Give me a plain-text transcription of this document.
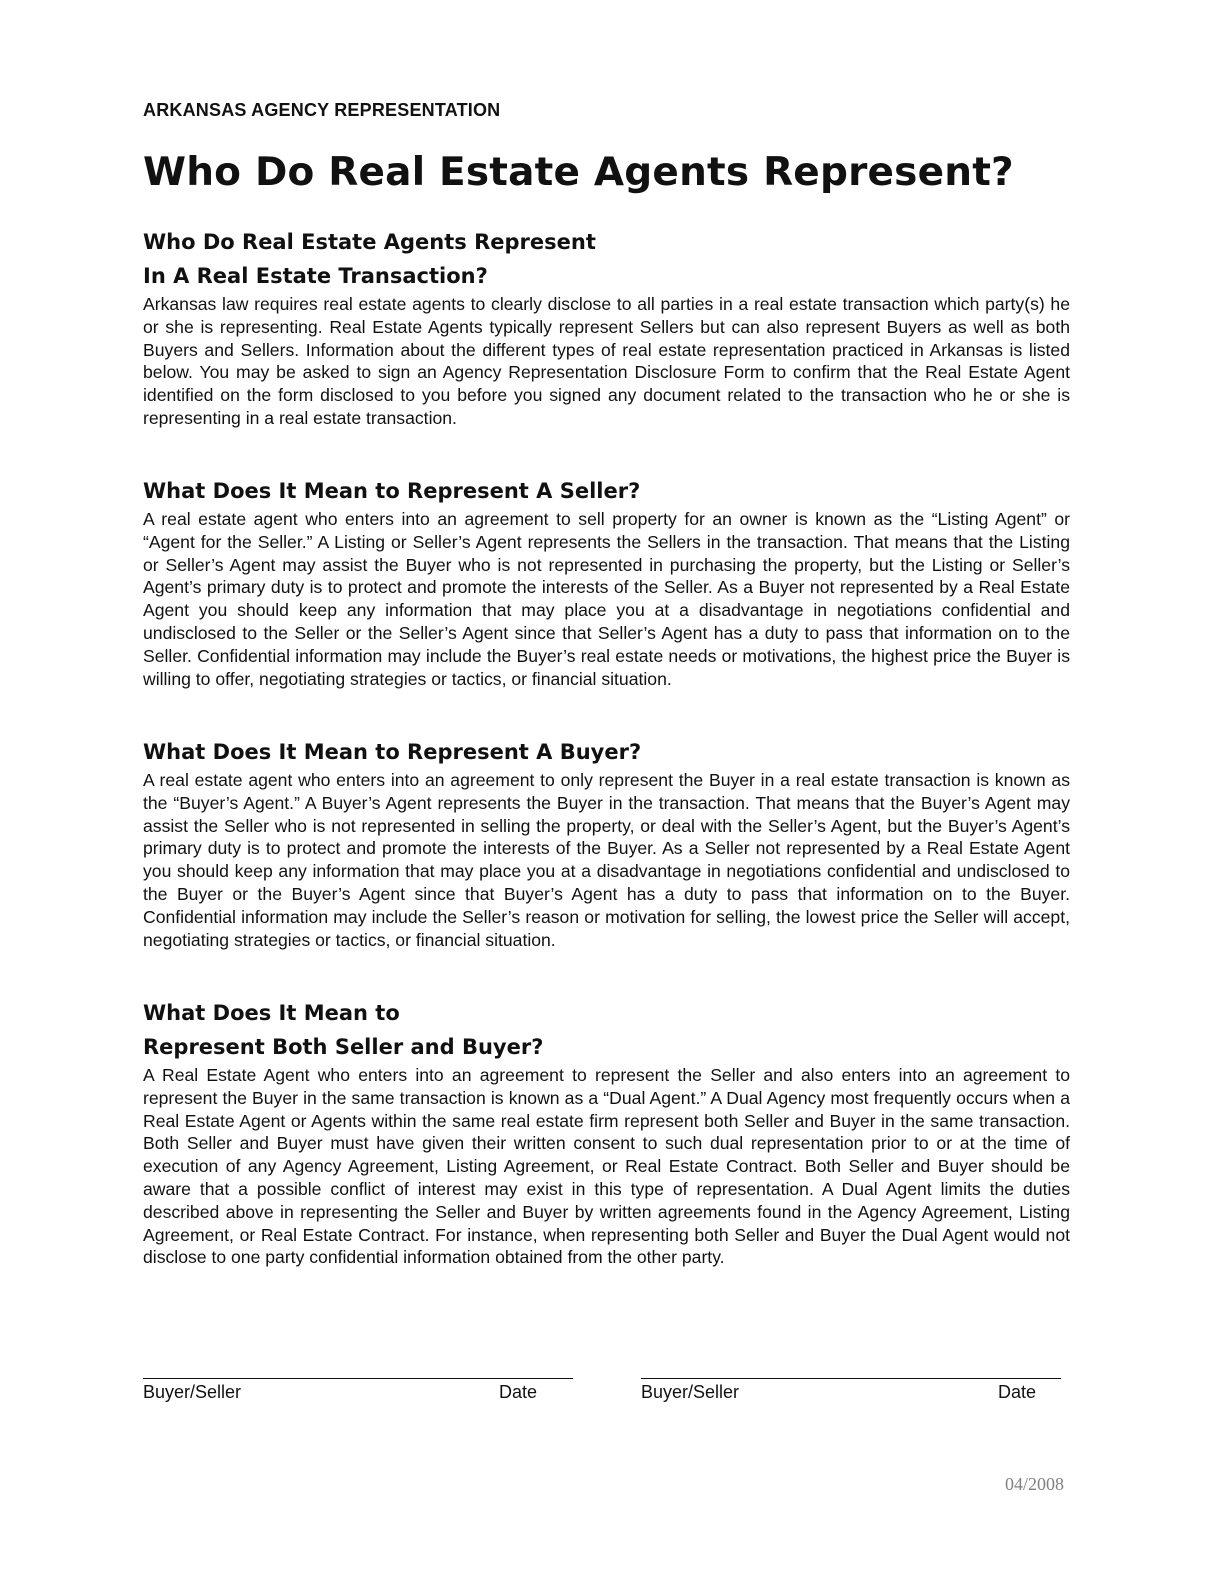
ARKANSAS AGENCY REPRESENTATION
Who Do Real Estate Agents Represent?
Who Do Real Estate Agents Represent
In A Real Estate Transaction?

Arkansas law requires real estate agents to clearly disclose to all parties in a real estate transaction which party(s) he or she is representing. Real Estate Agents typically represent Sellers but can also represent Buyers as well as both Buyers and Sellers. Information about the different types of real estate representation practiced in Arkansas is listed below. You may be asked to sign an Agency Representation Disclosure Form to confirm that the Real Estate Agent identified on the form disclosed to you before you signed any document related to the transaction who he or she is representing in a real estate transaction.

What Does It Mean to Represent A Seller?

A real estate agent who enters into an agreement to sell property for an owner is known as the “Listing Agent” or “Agent for the Seller.” A Listing or Seller’s Agent represents the Sellers in the transaction. That means that the Listing or Seller’s Agent may assist the Buyer who is not represented in purchasing the property, but the Listing or Seller’s Agent’s primary duty is to protect and promote the interests of the Seller. As a Buyer not represented by a Real Estate Agent you should keep any information that may place you at a disadvantage in negotiations confidential and undisclosed to the Seller or the Seller’s Agent since that Seller’s Agent has a duty to pass that information on to the Seller. Confidential information may include the Buyer’s real estate needs or motivations, the highest price the Buyer is willing to offer, negotiating strategies or tactics, or financial situation.

What Does It Mean to Represent A Buyer?

A real estate agent who enters into an agreement to only represent the Buyer in a real estate transaction is known as the “Buyer’s Agent.” A Buyer’s Agent represents the Buyer in the transaction. That means that the Buyer’s Agent may assist the Seller who is not represented in selling the property, or deal with the Seller’s Agent, but the Buyer’s Agent’s primary duty is to protect and promote the interests of the Buyer. As a Seller not represented by a Real Estate Agent you should keep any information that may place you at a disadvantage in negotiations confidential and undisclosed to the Buyer or the Buyer’s Agent since that Buyer’s Agent has a duty to pass that information on to the Buyer. Confidential information may include the Seller’s reason or motivation for selling, the lowest price the Seller will accept, negotiating strategies or tactics, or financial situation.

What Does It Mean to
Represent Both Seller and Buyer?

A Real Estate Agent who enters into an agreement to represent the Seller and also enters into an agreement to represent the Buyer in the same transaction is known as a “Dual Agent.” A Dual Agency most frequently occurs when a Real Estate Agent or Agents within the same real estate firm represent both Seller and Buyer in the same transaction. Both Seller and Buyer must have given their written consent to such dual representation prior to or at the time of execution of any Agency Agreement, Listing Agreement, or Real Estate Contract. Both Seller and Buyer should be aware that a possible conflict of interest may exist in this type of representation. A Dual Agent limits the duties described above in representing the Seller and Buyer by written agreements found in the Agency Agreement, Listing Agreement, or Real Estate Contract. For instance, when representing both Seller and Buyer the Dual Agent would not disclose to one party confidential information obtained from the other party.

Buyer/Seller	Date	Buyer/Seller	Date
04/2008
